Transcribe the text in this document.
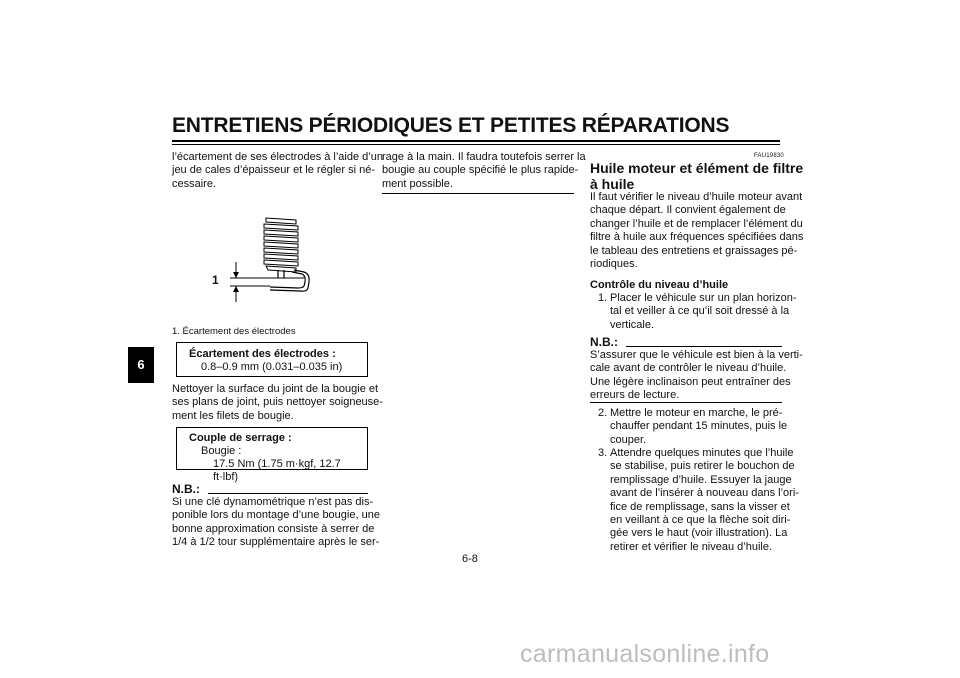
ENTRETIENS PÉRIODIQUES ET PETITES RÉPARATIONS
6
l’écartement de ses électrodes à l’aide d’un
jeu de cales d’épaisseur et le régler si né-
cessaire.
1
1. Écartement des électrodes
Écartement des électrodes :
0.8–0.9 mm (0.031–0.035 in)
Nettoyer la surface du joint de la bougie et
ses plans de joint, puis nettoyer soigneuse-
ment les filets de bougie.
Couple de serrage :
Bougie :
17.5 Nm (1.75 m·kgf, 12.7 ft·lbf)
N.B.:
Si une clé dynamométrique n’est pas dis-
ponible lors du montage d’une bougie, une
bonne approximation consiste à serrer de
1/4 à 1/2 tour supplémentaire après le ser-
rage à la main. Il faudra toutefois serrer la
bougie au couple spécifié le plus rapide-
ment possible.
FAU19830
Huile moteur et élément de filtre
à huile
Il faut vérifier le niveau d’huile moteur avant
chaque départ. Il convient également de
changer l’huile et de remplacer l’élément du
filtre à huile aux fréquences spécifiées dans
le tableau des entretiens et graissages pé-
riodiques.
Contrôle du niveau d’huile
1. Placer le véhicule sur un plan horizon-
tal et veiller à ce qu’il soit dressé à la
verticale.
N.B.:
S’assurer que le véhicule est bien à la verti-
cale avant de contrôler le niveau d’huile.
Une légère inclinaison peut entraîner des
erreurs de lecture.
2. Mettre le moteur en marche, le pré-
chauffer pendant 15 minutes, puis le
couper.
3. Attendre quelques minutes que l’huile
se stabilise, puis retirer le bouchon de
remplissage d’huile. Essuyer la jauge
avant de l’insérer à nouveau dans l’ori-
fice de remplissage, sans la visser et
en veillant à ce que la flèche soit diri-
gée vers le haut (voir illustration). La
retirer et vérifier le niveau d’huile.
6-8
carmanualsonline.info
